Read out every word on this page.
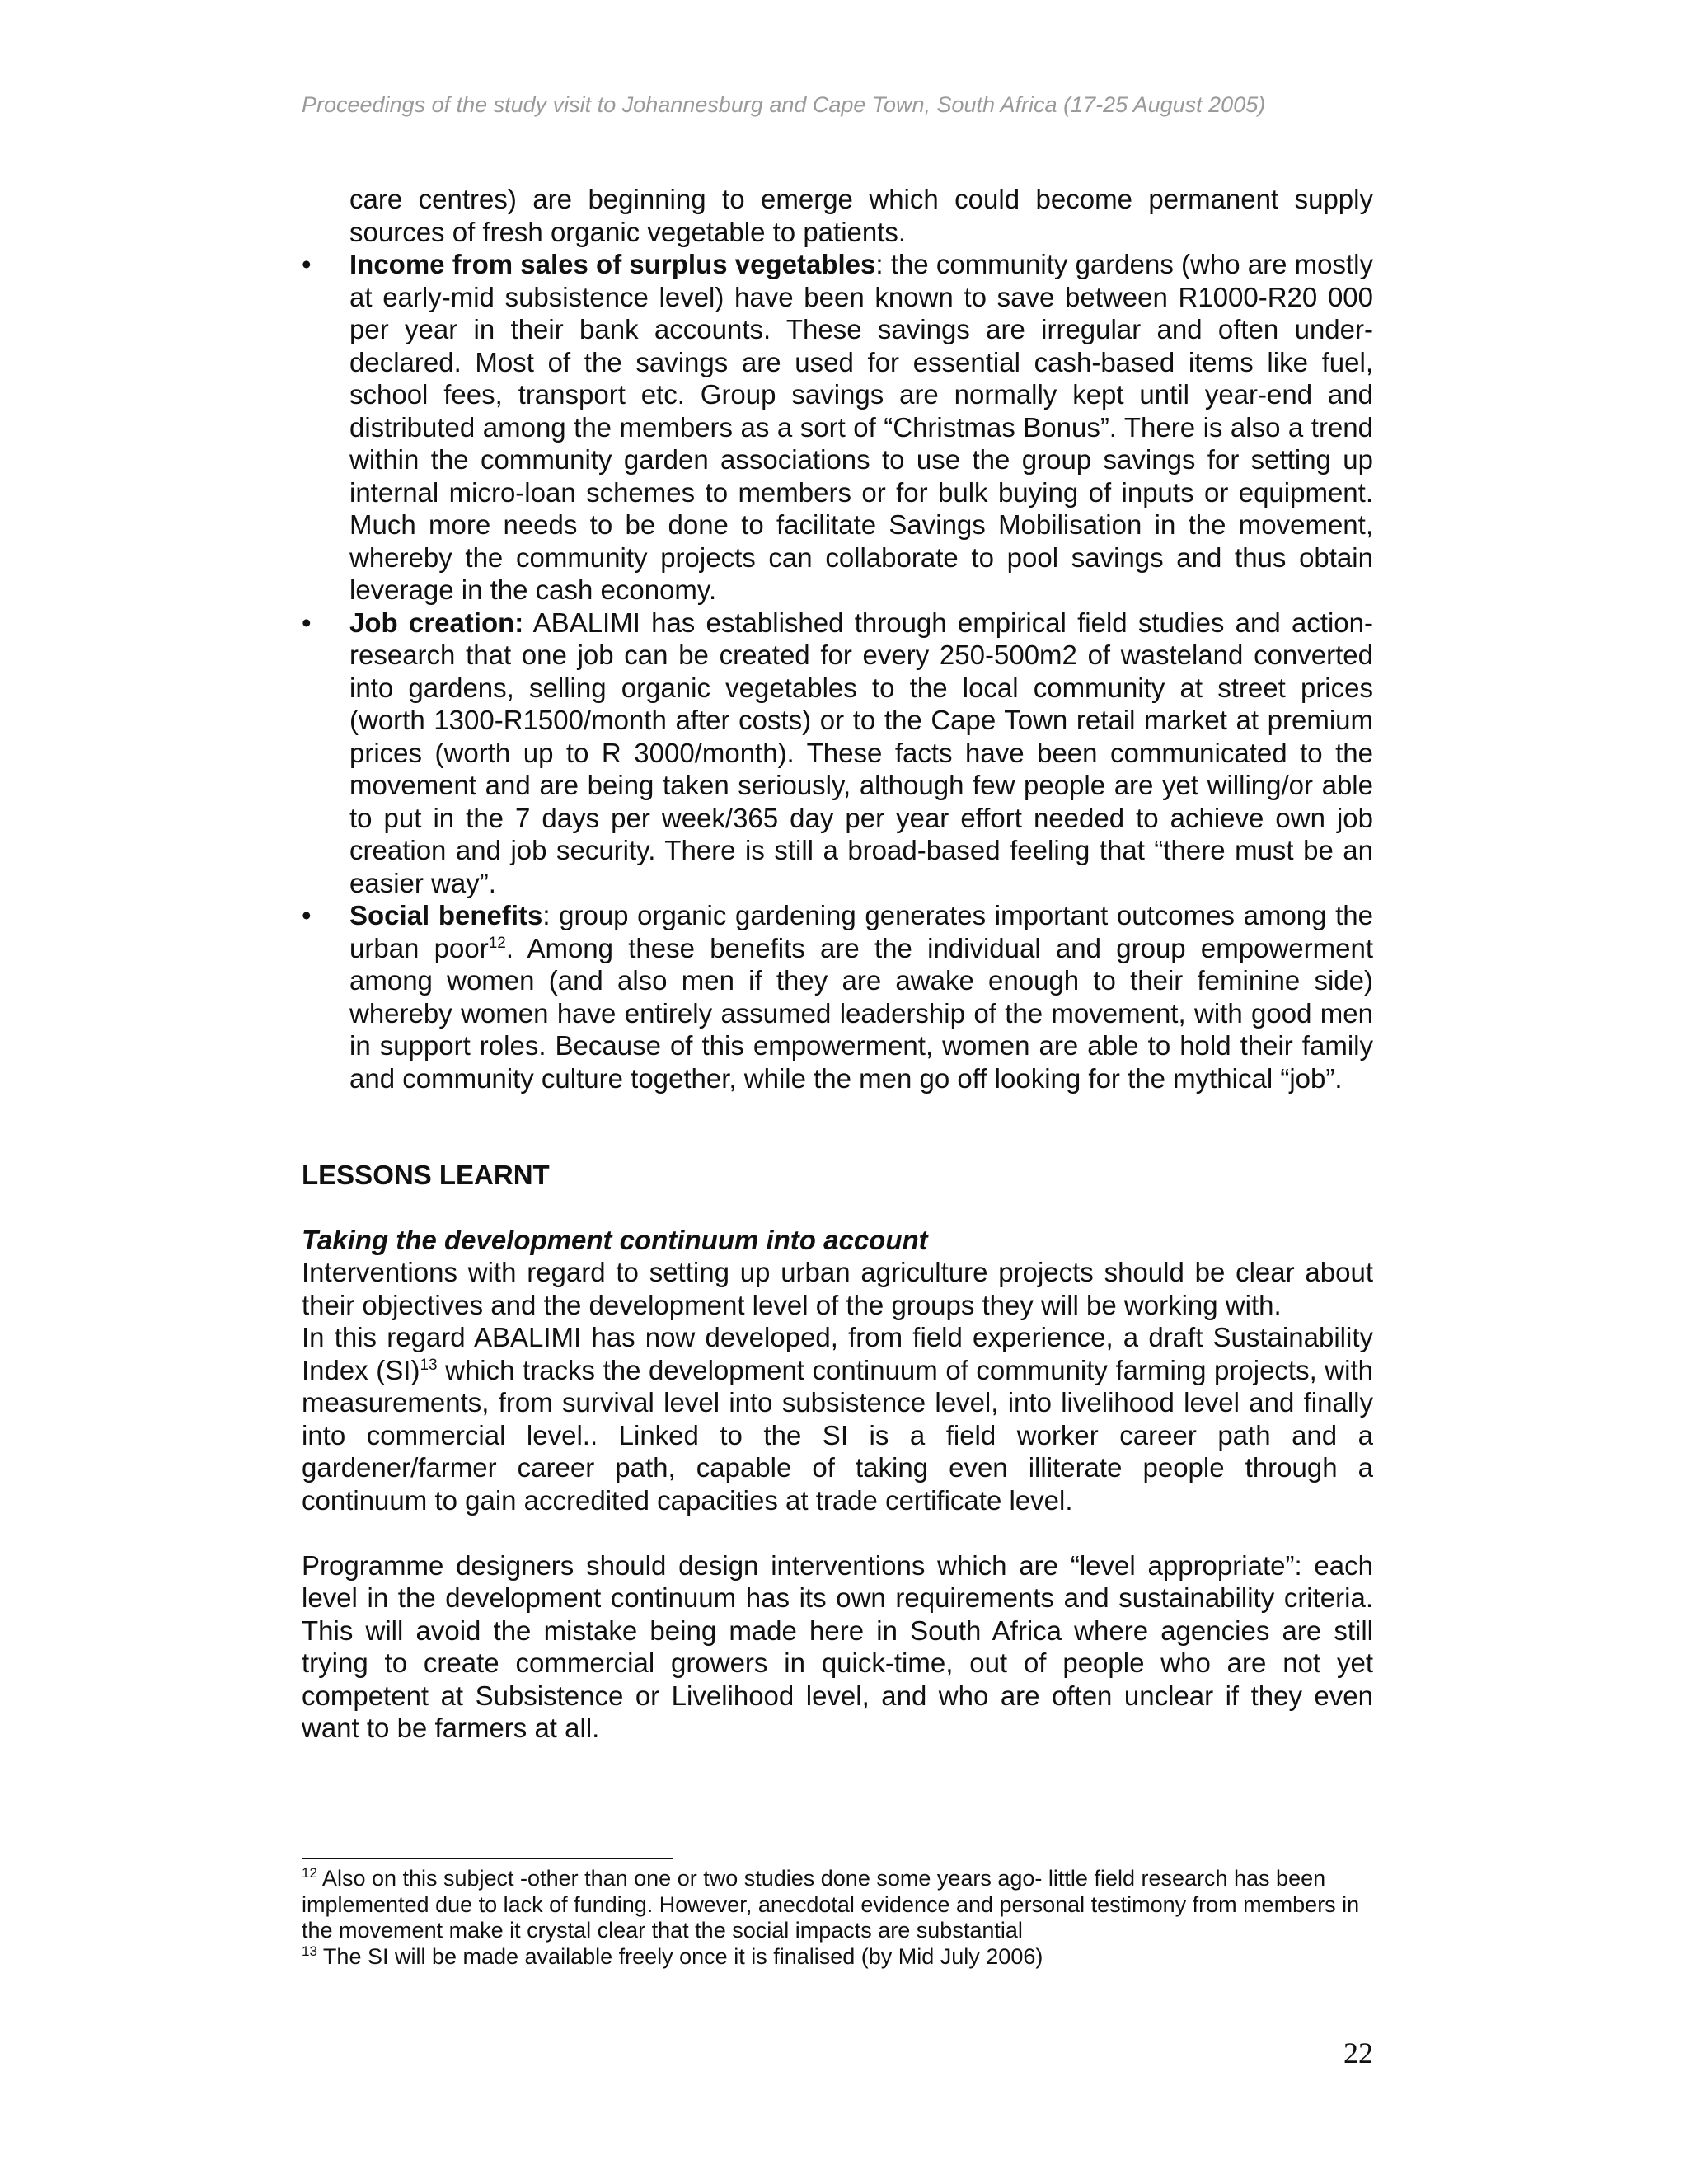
Proceedings of the study visit to Johannesburg and Cape Town, South Africa (17-25 August 2005)

care centres) are beginning to emerge which could become permanent supply sources of fresh organic vegetable to patients.

• Income from sales of surplus vegetables: the community gardens (who are mostly at early-mid subsistence level) have been known to save between R1000-R20 000 per year in their bank accounts. These savings are irregular and often under-declared. Most of the savings are used for essential cash-based items like fuel, school fees, transport etc. Group savings are normally kept until year-end and distributed among the members as a sort of “Christmas Bonus”. There is also a trend within the community garden associations to use the group savings for setting up internal micro-loan schemes to members or for bulk buying of inputs or equipment. Much more needs to be done to facilitate Savings Mobilisation in the movement, whereby the community projects can collaborate to pool savings and thus obtain leverage in the cash economy.
• Job creation: ABALIMI has established through empirical field studies and action-research that one job can be created for every 250-500m2 of wasteland converted into gardens, selling organic vegetables to the local community at street prices (worth 1300-R1500/month after costs) or to the Cape Town retail market at premium prices (worth up to R 3000/month). These facts have been communicated to the movement and are being taken seriously, although few people are yet willing/or able to put in the 7 days per week/365 day per year effort needed to achieve own job creation and job security. There is still a broad-based feeling that “there must be an easier way”.
• Social benefits: group organic gardening generates important outcomes among the urban poor$^{12}$. Among these benefits are the individual and group empowerment among women (and also men if they are awake enough to their feminine side) whereby women have entirely assumed leadership of the movement, with good men in support roles. Because of this empowerment, women are able to hold their family and community culture together, while the men go off looking for the mythical “job”.

LESSONS LEARNT

Taking the development continuum into account

Interventions with regard to setting up urban agriculture projects should be clear about their objectives and the development level of the groups they will be working with.

In this regard ABALIMI has now developed, from field experience, a draft Sustainability Index (SI)$^{13}$ which tracks the development continuum of community farming projects, with measurements, from survival level into subsistence level, into livelihood level and finally into commercial level.. Linked to the SI is a field worker career path and a gardener/farmer career path, capable of taking even illiterate people through a continuum to gain accredited capacities at trade certificate level.

Programme designers should design interventions which are “level appropriate”: each level in the development continuum has its own requirements and sustainability criteria. This will avoid the mistake being made here in South Africa where agencies are still trying to create commercial growers in quick-time, out of people who are not yet competent at Subsistence or Livelihood level, and who are often unclear if they even want to be farmers at all.

$^{12}$ Also on this subject -other than one or two studies done some years ago- little field research has been implemented due to lack of funding. However, anecdotal evidence and personal testimony from members in the movement make it crystal clear that the social impacts are substantial

$^{13}$ The SI will be made available freely once it is finalised (by Mid July 2006)

22
